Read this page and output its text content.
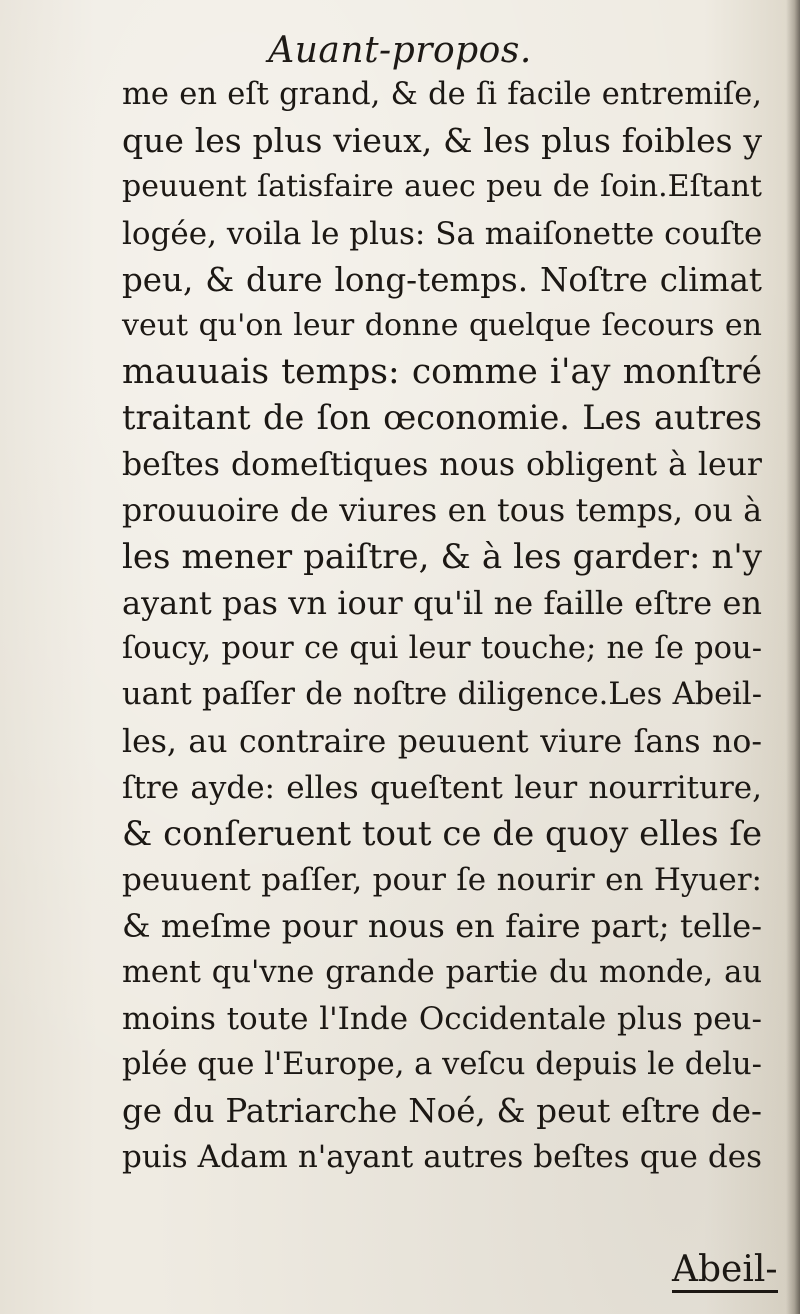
Auant-propos.
me en eſt grand, & de ſi facile entremiſe,
que les plus vieux, & les plus foibles y
peuuent ſatisfaire auec peu de ſoin.Eſtant
logée, voila le plus: Sa maiſonette couſte
peu, & dure long-temps. Noſtre climat
veut qu'on leur donne quelque ſecours en
mauuais temps: comme i'ay monſtré
traitant de ſon œconomie. Les autres
beſtes domeſtiques nous obligent à leur
prouuoire de viures en tous temps, ou à
les mener paiſtre, & à les garder: n'y
ayant pas vn iour qu'il ne faille eſtre en
ſoucy, pour ce qui leur touche; ne ſe pou-
uant paſſer de noſtre diligence.Les Abeil-
les, au contraire peuuent viure ſans no-
ſtre ayde: elles queſtent leur nourriture,
& conſeruent tout ce de quoy elles ſe
peuuent paſſer, pour ſe nourir en Hyuer:
& meſme pour nous en faire part; telle-
ment qu'vne grande partie du monde, au
moins toute l'Inde Occidentale plus peu-
plée que l'Europe, a veſcu depuis le delu-
ge du Patriarche Noé, & peut eſtre de-
puis Adam n'ayant autres beſtes que des
Abeil-
